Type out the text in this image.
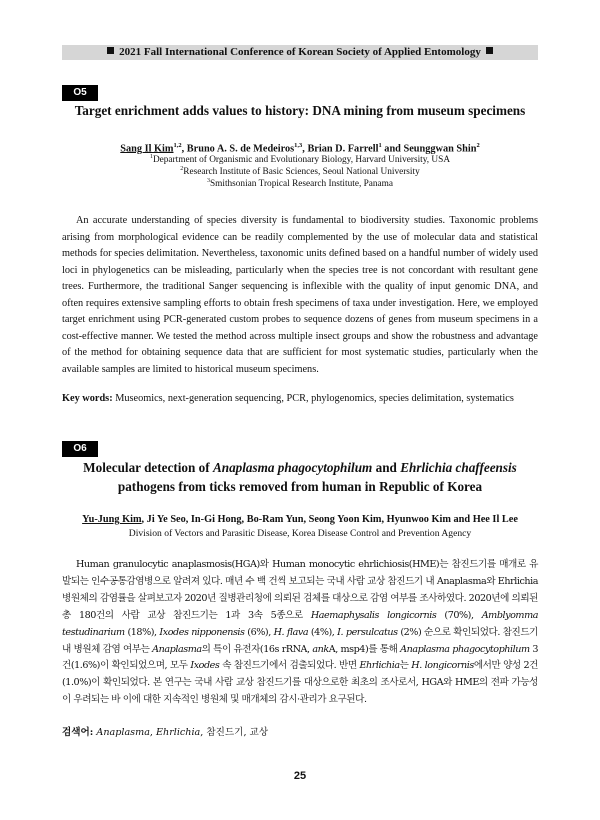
2021 Fall International Conference of Korean Society of Applied Entomology
O5
Target enrichment adds values to history: DNA mining from museum specimens
Sang Il Kim$^{1,2}$, Bruno A. S. de Medeiros$^{1,3}$, Brian D. Farrell$^1$ and Seunggwan Shin$^2$
$^1$Department of Organismic and Evolutionary Biology, Harvard University, USA
$^2$Research Institute of Basic Sciences, Seoul National University
$^3$Smithsonian Tropical Research Institute, Panama

An accurate understanding of species diversity is fundamental to biodiversity studies. Taxonomic problems arising from morphological evidence can be readily complemented by the use of molecular data and statistical methods for species delimitation. Nevertheless, taxonomic units defined based on a handful number of widely used loci in phylogenetics can be misleading, particularly when the species tree is not concordant with resultant gene trees. Furthermore, the traditional Sanger sequencing is inflexible with the quality of input genomic DNA, and often requires extensive sampling efforts to obtain fresh specimens of taxa under investigation. Here, we employed target enrichment using PCR-generated custom probes to sequence dozens of genes from museum specimens in a cost-effective manner. We tested the method across multiple insect groups and show the robustness and advantage of the method for obtaining sequence data that are sufficient for most systematic studies, particularly when the available samples are limited to historical museum specimens.

Key words: Museomics, next-generation sequencing, PCR, phylogenomics, species delimitation, systematics
O6
Molecular detection of Anaplasma phagocytophilum and Ehrlichia chaffeensis
pathogens from ticks removed from human in Republic of Korea
Yu-Jung Kim, Ji Ye Seo, In-Gi Hong, Bo-Ram Yun, Seong Yoon Kim, Hyunwoo Kim and Hee Il Lee
Division of Vectors and Parasitic Disease, Korea Disease Control and Prevention Agency

Human granulocytic anaplasmosis(HGA)와 Human monocytic ehrlichiosis(HME)는 참진드기를 매개로 유발되는 인수공통감염병으로 알려져 있다. 매년 수 백 건씩 보고되는 국내 사람 교상 참진드기 내 Anaplasma와 Ehrlichia 병원체의 감염률을 살펴보고자 2020년 질병관리청에 의뢰된 검체를 대상으로 감염 여부를 조사하였다. 2020년에 의뢰된 총 180건의 사람 교상 참진드기는 1과 3속 5종으로 Haemaphysalis longicornis (70%), Amblyomma testudinarium (18%), Ixodes nipponensis (6%), H. flava (4%), I. persulcatus (2%) 순으로 확인되었다. 참진드기 내 병원체 감염 여부는 Anaplasma의 특이 유전자(16s rRNA, ankA, msp4)를 통해 Anaplasma phagocytophilum 3건(1.6%)이 확인되었으며, 모두 Ixodes 속 참진드기에서 검출되었다. 반면 Ehrlichia는 H. longicornis에서만 양성 2건(1.0%)이 확인되었다. 본 연구는 국내 사람 교상 참진드기를 대상으로한 최초의 조사로서, HGA와 HME의 전파 가능성이 우려되는 바 이에 대한 지속적인 병원체 및 매개체의 감시·관리가 요구된다.

검색어: Anaplasma, Ehrlichia, 참진드기, 교상
25
